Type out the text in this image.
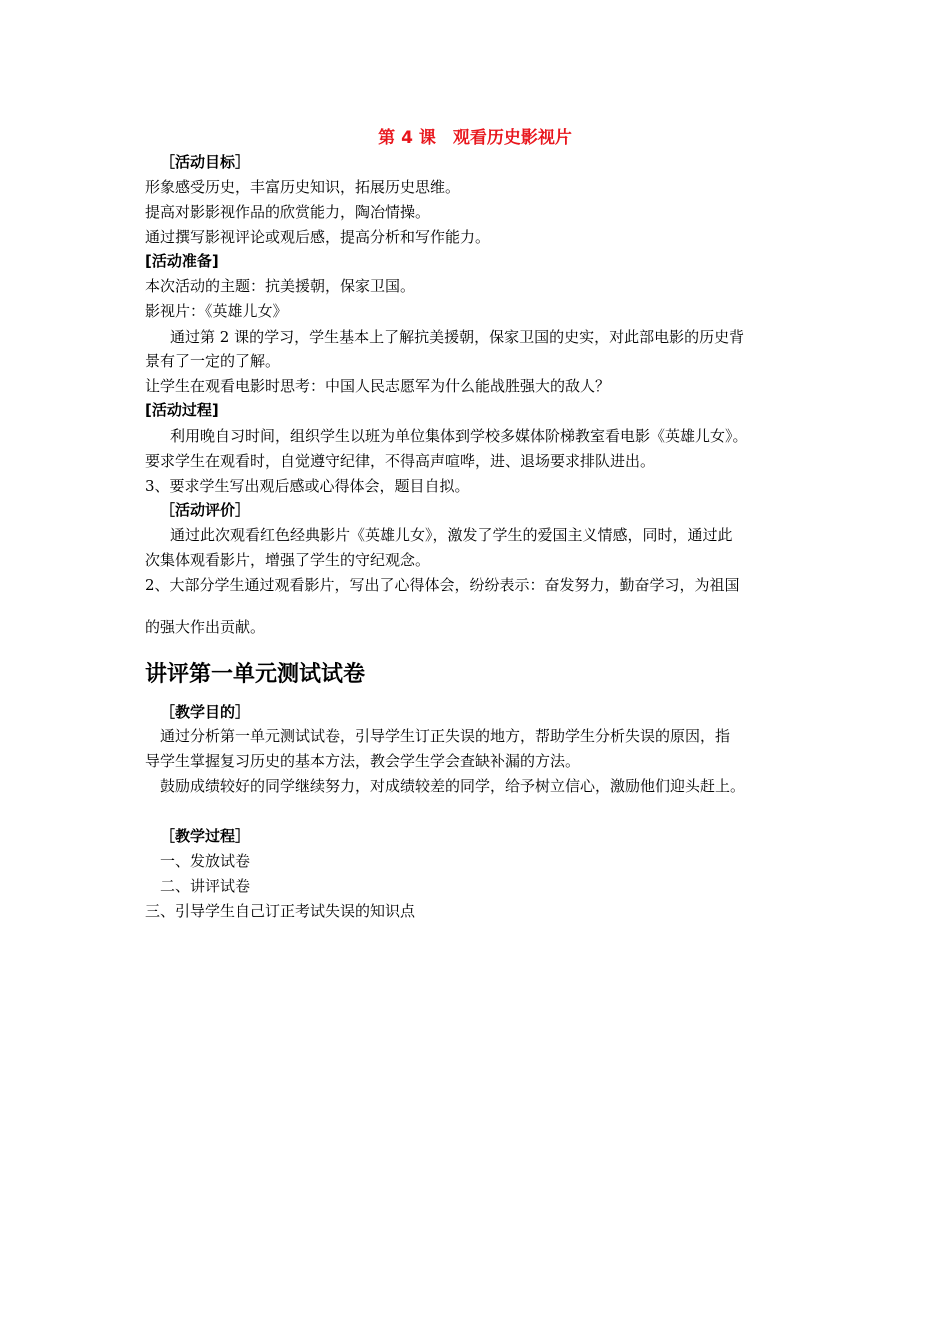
第 4 课　观看历史影视片
［活动目标］
形象感受历史，丰富历史知识，拓展历史思维。
提高对影影视作品的欣赏能力，陶冶情操。
通过撰写影视评论或观后感，提高分析和写作能力。
[活动准备]
本次活动的主题：抗美援朝，保家卫国。
影视片：《英雄儿女》
通过第 2 课的学习，学生基本上了解抗美援朝，保家卫国的史实，对此部电影的历史背
景有了一定的了解。
让学生在观看电影时思考：中国人民志愿军为什么能战胜强大的敌人？
[活动过程]
利用晚自习时间，组织学生以班为单位集体到学校多媒体阶梯教室看电影《英雄儿女》。
要求学生在观看时，自觉遵守纪律，不得高声喧哗，进、退场要求排队进出。
3、要求学生写出观后感或心得体会，题目自拟。
［活动评价］
通过此次观看红色经典影片《英雄儿女》，激发了学生的爱国主义情感，同时，通过此
次集体观看影片，增强了学生的守纪观念。
2、大部分学生通过观看影片，写出了心得体会，纷纷表示：奋发努力，勤奋学习，为祖国
的强大作出贡献。
讲评第一单元测试试卷
［教学目的］
通过分析第一单元测试试卷，引导学生订正失误的地方，帮助学生分析失误的原因，指
导学生掌握复习历史的基本方法，教会学生学会查缺补漏的方法。
鼓励成绩较好的同学继续努力，对成绩较差的同学，给予树立信心，激励他们迎头赶上。
［教学过程］
一、发放试卷
二、讲评试卷
三、引导学生自己订正考试失误的知识点
